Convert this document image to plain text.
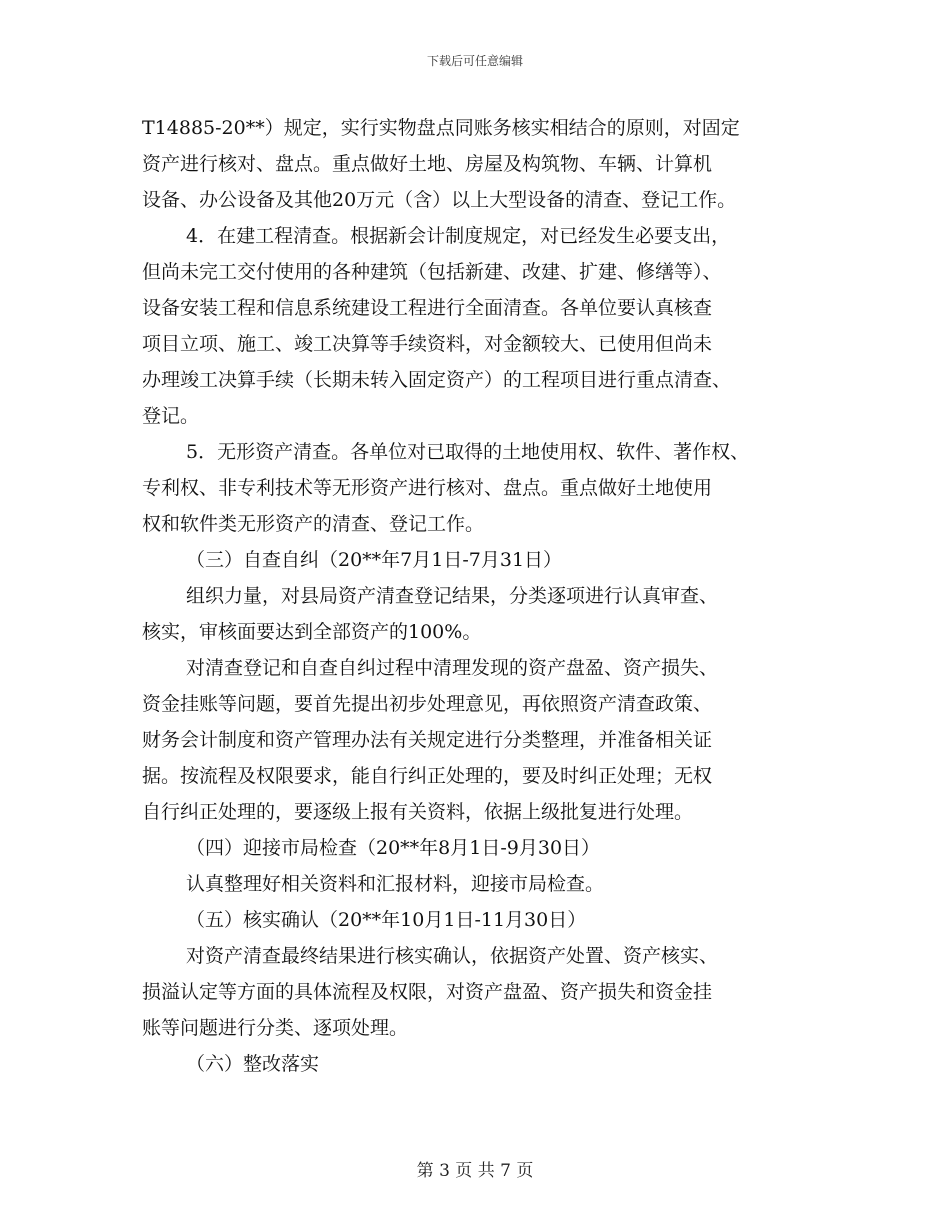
下载后可任意编辑
T14885-20**）规定，实行实物盘点同账务核实相结合的原则，对固定
资产进行核对、盘点。重点做好土地、房屋及构筑物、车辆、计算机
设备、办公设备及其他20万元（含）以上大型设备的清查、登记工作。
4．在建工程清查。根据新会计制度规定，对已经发生必要支出，
但尚未完工交付使用的各种建筑（包括新建、改建、扩建、修缮等）、
设备安装工程和信息系统建设工程进行全面清查。各单位要认真核查
项目立项、施工、竣工决算等手续资料，对金额较大、已使用但尚未
办理竣工决算手续（长期未转入固定资产）的工程项目进行重点清查、
登记。
5．无形资产清查。各单位对已取得的土地使用权、软件、著作权、
专利权、非专利技术等无形资产进行核对、盘点。重点做好土地使用
权和软件类无形资产的清查、登记工作。
（三）自查自纠（20**年7月1日-7月31日）
组织力量，对县局资产清查登记结果，分类逐项进行认真审查、
核实，审核面要达到全部资产的100%。
对清查登记和自查自纠过程中清理发现的资产盘盈、资产损失、
资金挂账等问题，要首先提出初步处理意见，再依照资产清查政策、
财务会计制度和资产管理办法有关规定进行分类整理，并准备相关证
据。按流程及权限要求，能自行纠正处理的，要及时纠正处理；无权
自行纠正处理的，要逐级上报有关资料，依据上级批复进行处理。
（四）迎接市局检查（20**年8月1日-9月30日）
认真整理好相关资料和汇报材料，迎接市局检查。
（五）核实确认（20**年10月1日-11月30日）
对资产清查最终结果进行核实确认，依据资产处置、资产核实、
损溢认定等方面的具体流程及权限，对资产盘盈、资产损失和资金挂
账等问题进行分类、逐项处理。
（六）整改落实
第 3 页 共 7 页
